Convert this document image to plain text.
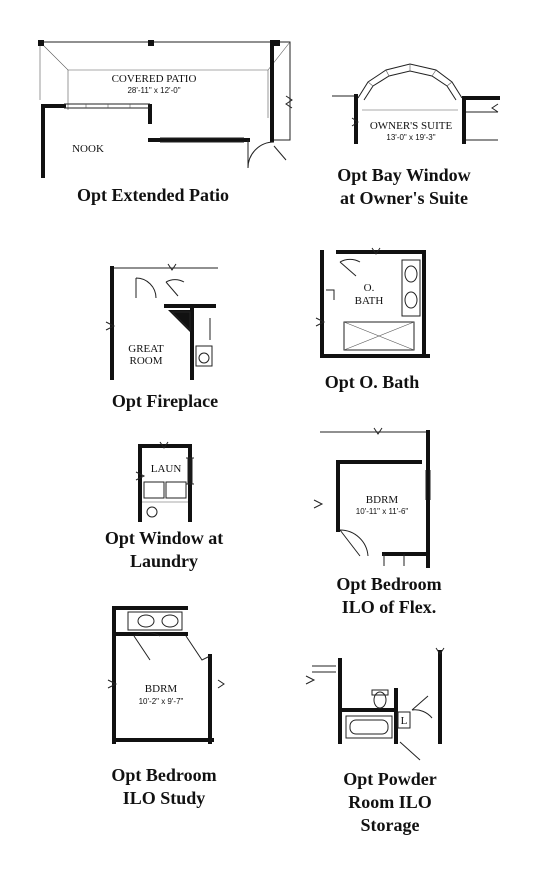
COVERED PATIO
28'-11" x 12'-0"
NOOK
Opt Extended Patio
OWNER'S SUITE
13'-0" x 19'-3"
Opt Bay Window
at Owner's Suite
GREAT
ROOM
Opt Fireplace
O.
BATH
Opt O. Bath
LAUN
Opt Window at
Laundry
BDRM
10'-11" x 11'-6"
Opt Bedroom
ILO of Flex.
BDRM
10'-2" x 9'-7"
Opt Bedroom
ILO Study
L
Opt Powder
Room ILO
Storage
